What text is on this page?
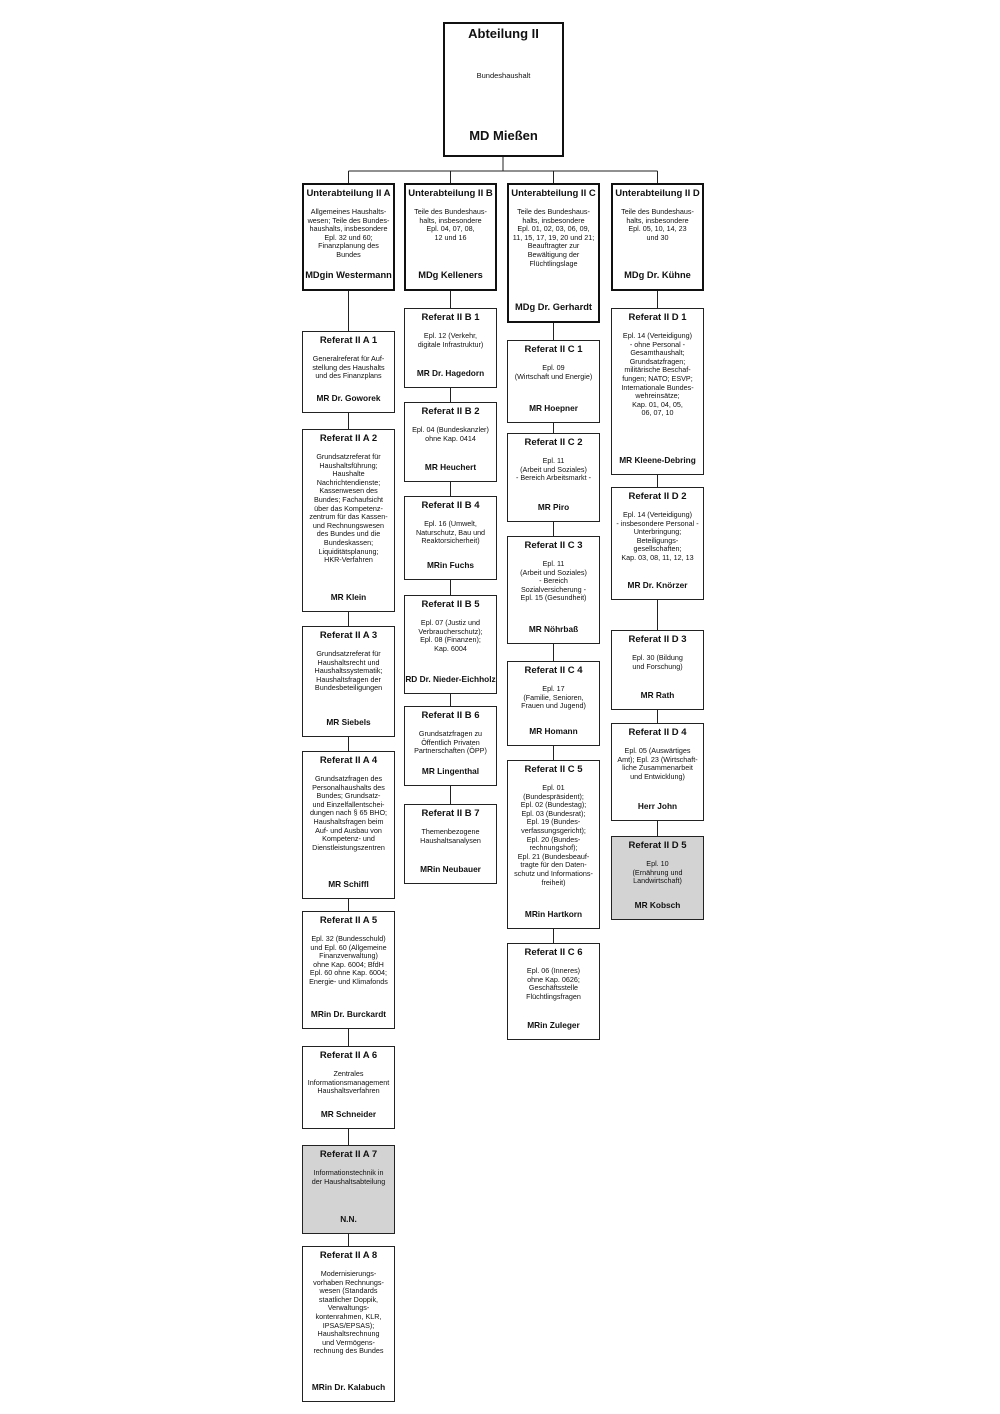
Abteilung II
Bundeshaushalt
MD Mießen
Unterabteilung II A
Allgemeines Haushalts-
wesen; Teile des Bundes-
haushalts, insbesondere
Epl. 32 und 60;
Finanzplanung des
Bundes
MDgin Westermann
Referat II A 1
Generalreferat für Auf-
stellung des Haushalts
und des Finanzplans
MR Dr. Goworek
Referat II A 2
Grundsatzreferat für
Haushaltsführung;
Haushalte
Nachrichtendienste;
Kassenwesen des
Bundes; Fachaufsicht
über das Kompetenz-
zentrum für das Kassen-
und Rechnungswesen
des Bundes und die
Bundeskassen;
Liquiditätsplanung;
HKR-Verfahren
MR Klein
Referat II A 3
Grundsatzreferat für
Haushaltsrecht und
Haushaltssystematik;
Haushaltsfragen der
Bundesbeteiligungen
MR Siebels
Referat II A 4
Grundsatzfragen des
Personalhaushalts des
Bundes; Grundsatz-
und Einzelfallentschei-
dungen nach § 65 BHO;
Haushaltsfragen beim
Auf- und Ausbau von
Kompetenz- und
Dienstleistungszentren
MR Schiffl
Referat II A 5
Epl. 32 (Bundesschuld)
und Epl. 60 (Allgemeine
Finanzverwaltung)
ohne Kap. 6004; BfdH
Epl. 60 ohne Kap. 6004;
Energie- und Klimafonds
MRin Dr. Burckardt
Referat II A 6
Zentrales
Informationsmanagement
Haushaltsverfahren
MR Schneider
Referat II A 7
Informationstechnik in
der Haushaltsabteilung
N.N.
Referat II A 8
Modernisierungs-
vorhaben Rechnungs-
wesen (Standards
staatlicher Doppik,
Verwaltungs-
kontenrahmen, KLR,
IPSAS/EPSAS);
Haushaltsrechnung
und Vermögens-
rechnung des Bundes
MRin Dr. Kalabuch
Unterabteilung II B
Teile des Bundeshaus-
halts, insbesondere
Epl. 04, 07, 08,
12 und 16
MDg Kelleners
Referat II B 1
Epl. 12 (Verkehr,
digitale Infrastruktur)
MR Dr. Hagedorn
Referat II B 2
Epl. 04 (Bundeskanzler)
ohne Kap. 0414
MR Heuchert
Referat II B 4
Epl. 16 (Umwelt,
Naturschutz, Bau und
Reaktorsicherheit)
MRin Fuchs
Referat II B 5
Epl. 07 (Justiz und
Verbraucherschutz);
Epl. 08 (Finanzen);
Kap. 6004
RD Dr. Nieder-Eichholz
Referat II B 6
Grundsatzfragen zu
Öffentlich Privaten
Partnerschaften (ÖPP)
MR Lingenthal
Referat II B 7
Themenbezogene
Haushaltsanalysen
MRin Neubauer
Unterabteilung II C
Teile des Bundeshaus-
halts, insbesondere
Epl. 01, 02, 03, 06, 09,
11, 15, 17, 19, 20 und 21;
Beauftragter zur
Bewältigung der
Flüchtlingslage
MDg Dr. Gerhardt
Referat II C 1
Epl. 09
(Wirtschaft und Energie)
MR Hoepner
Referat II C 2
Epl. 11
(Arbeit und Soziales)
- Bereich Arbeitsmarkt -
MR Piro
Referat II C 3
Epl. 11
(Arbeit und Soziales)
- Bereich
Sozialversicherung -
Epl. 15 (Gesundheit)
MR Nöhrbaß
Referat II C 4
Epl. 17
(Familie, Senioren,
Frauen und Jugend)
MR Homann
Referat II C 5
Epl. 01
(Bundespräsident);
Epl. 02 (Bundestag);
Epl. 03 (Bundesrat);
Epl. 19 (Bundes-
verfassungsgericht);
Epl. 20 (Bundes-
rechnungshof);
Epl. 21 (Bundesbeauf-
tragte für den Daten-
schutz und Informations-
freiheit)
MRin Hartkorn
Referat II C 6
Epl. 06 (Inneres)
ohne Kap. 0626;
Geschäftsstelle
Flüchtlingsfragen
MRin Zuleger
Unterabteilung II D
Teile des Bundeshaus-
halts, insbesondere
Epl. 05, 10, 14, 23
und 30
MDg Dr. Kühne
Referat II D 1
Epl. 14 (Verteidigung)
- ohne Personal -
Gesamthaushalt;
Grundsatzfragen;
militärische Beschaf-
fungen; NATO; ESVP;
Internationale Bundes-
wehreinsätze;
Kap. 01, 04, 05,
06, 07, 10
MR Kleene-Debring
Referat II D 2
Epl. 14 (Verteidigung)
- insbesondere Personal -
Unterbringung;
Beteiligungs-
gesellschaften;
Kap. 03, 08, 11, 12, 13
MR Dr. Knörzer
Referat II D 3
Epl. 30 (Bildung
und Forschung)
MR Rath
Referat II D 4
Epl. 05 (Auswärtiges
Amt); Epl. 23 (Wirtschaft-
liche Zusammenarbeit
und Entwicklung)
Herr John
Referat II D 5
Epl. 10
(Ernährung und
Landwirtschaft)
MR Kobsch
